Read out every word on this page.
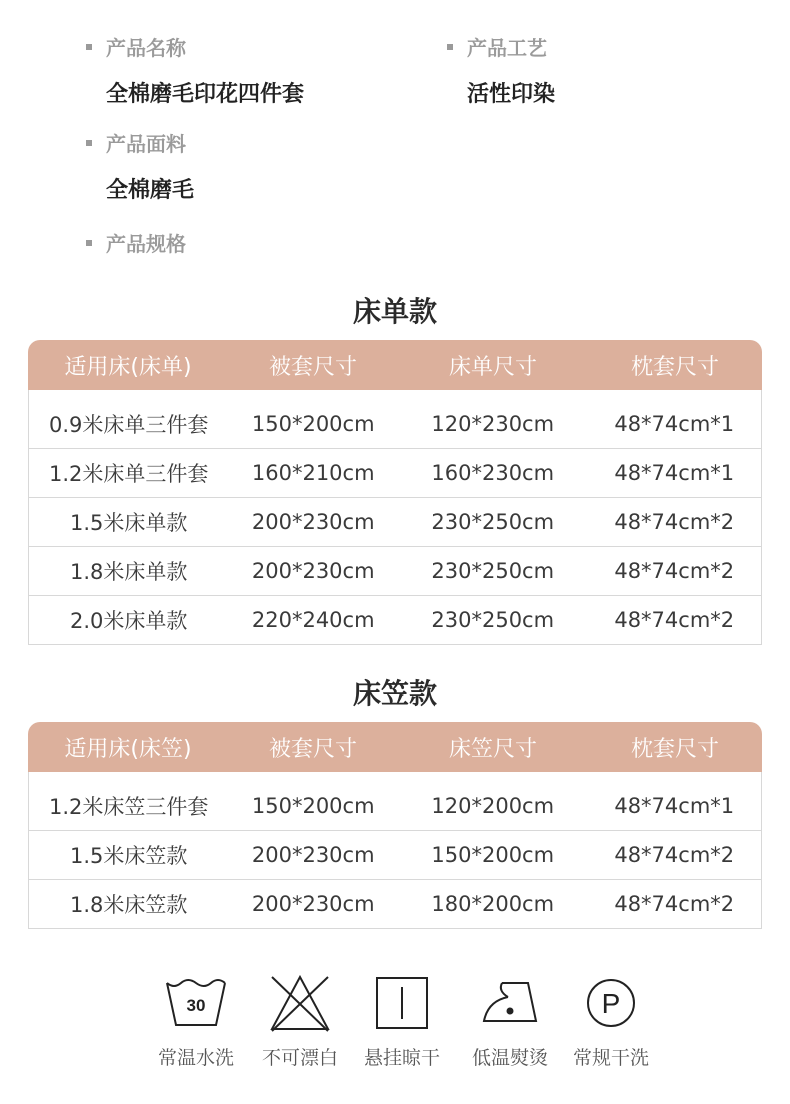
产品名称
全棉磨毛印花四件套
产品工艺
活性印染
产品面料
全棉磨毛
产品规格
床单款
适用床(床单)	被套尺寸	床单尺寸	枕套尺寸
0.9米床单三件套	150*200cm	120*230cm	48*74cm*1
1.2米床单三件套	160*210cm	160*230cm	48*74cm*1
1.5米床单款	200*230cm	230*250cm	48*74cm*2
1.8米床单款	200*230cm	230*250cm	48*74cm*2
2.0米床单款	220*240cm	230*250cm	48*74cm*2
床笠款
适用床(床笠)	被套尺寸	床笠尺寸	枕套尺寸
1.2米床笠三件套	150*200cm	120*200cm	48*74cm*1
1.5米床笠款	200*230cm	150*200cm	48*74cm*2
1.8米床笠款	200*230cm	180*200cm	48*74cm*2
30
常温水洗	不可漂白	悬挂晾干	低温熨烫
P
常规干洗
